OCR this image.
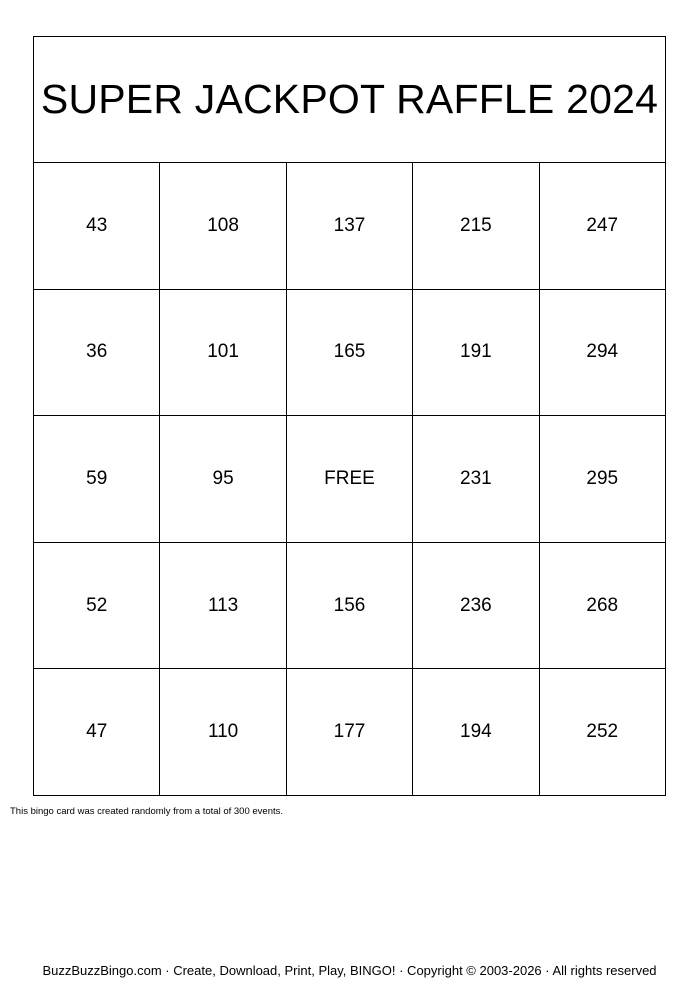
SUPER JACKPOT RAFFLE 2024
43	108	137	215	247
36	101	165	191	294
59	95	FREE	231	295
52	113	156	236	268
47	110	177	194	252
This bingo card was created randomly from a total of 300 events.
BuzzBuzzBingo.com · Create, Download, Print, Play, BINGO! · Copyright © 2003-2026 · All rights reserved
